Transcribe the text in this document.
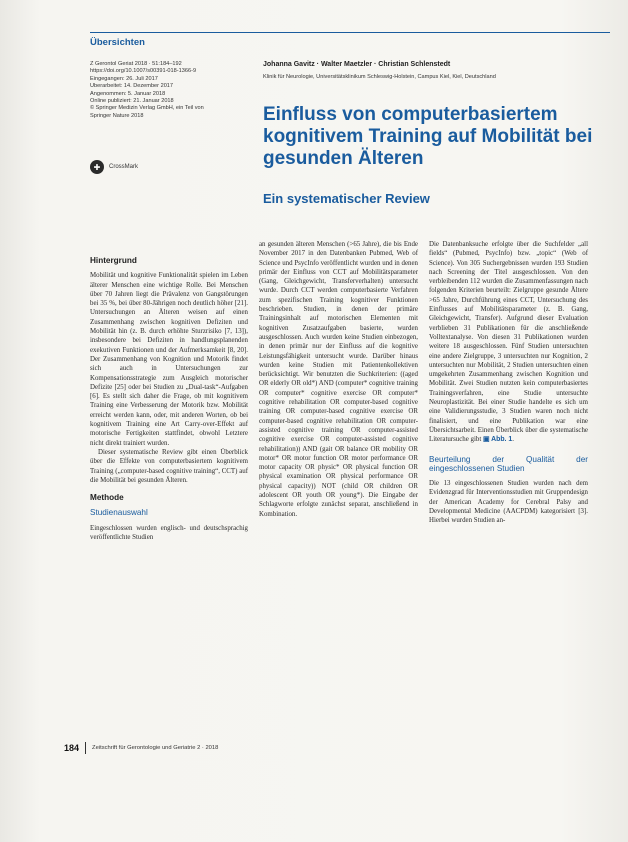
Übersichten
Z Gerontol Geriat 2018 · 51:184–192
https://doi.org/10.1007/s00391-018-1366-9
Eingegangen: 26. Juli 2017
Überarbeitet: 14. Dezember 2017
Angenommen: 5. Januar 2018
Online publiziert: 21. Januar 2018
© Springer Medizin Verlag GmbH, ein Teil von
Springer Nature 2018
✚	CrossMark
Johanna Gavitz · Walter Maetzler · Christian Schlenstedt
Klinik für Neurologie, Universitätsklinikum Schleswig-Holstein, Campus Kiel, Kiel, Deutschland
Einfluss von computerbasiertem kognitivem Training auf Mobilität bei gesunden Älteren
Ein systematischer Review
Hintergrund

Mobilität und kognitive Funktionalität spielen im Leben älterer Menschen eine wichtige Rolle. Bei Menschen über 70 Jahren liegt die Prävalenz von Gangstörungen bei 35 %, bei über 80-Jährigen noch deutlich höher [21]. Untersuchungen an Älteren weisen auf einen Zusammenhang zwischen kognitiven Defiziten und Mobilität hin (z. B. durch erhöhte Sturzrisiko [7, 13]), insbesondere bei Defiziten in handlungsplanenden exekutiven Funktionen und der Aufmerksamkeit [8, 20]. Der Zusammenhang von Kognition und Motorik findet sich auch in Untersuchungen zur Kompensationsstrategie zum Ausgleich motorischer Defizite [25] oder bei Studien zu „Dual-task“-Aufgaben [6]. Es stellt sich daher die Frage, ob mit kognitivem Training eine Verbesserung der Motorik bzw. Mobilität erreicht werden kann, oder, mit anderen Worten, ob bei kognitivem Training eine Art Carry-over-Effekt auf motorische Fertigkeiten stattfindet, obwohl Letztere nicht direkt trainiert wurden.

Dieser systematische Review gibt einen Überblick über die Effekte von computerbasiertem kognitivem Training („computer-based cognitive training“, CCT) auf die Mobilität bei gesunden Älteren.

Methode
Studienauswahl

Eingeschlossen wurden englisch- und deutschsprachig veröffentlichte Studien

an gesunden älteren Menschen (>65 Jahre), die bis Ende November 2017 in den Datenbanken Pubmed, Web of Science und PsycInfo veröffentlicht wurden und in denen primär der Einfluss von CCT auf Mobilitätsparameter (Gang, Gleichgewicht, Transferverhalten) untersucht wurde. Durch CCT werden computerbasierte Verfahren zum spezifischen Training kognitiver Funktionen beschrieben. Studien, in denen der primäre Trainingsinhalt auf motorischen Elementen mit kognitiven Zusatzaufgaben basierte, wurden ausgeschlossen. Auch wurden keine Studien einbezogen, in denen primär nur der Einfluss auf die kognitive Leistungsfähigkeit untersucht wurde. Darüber hinaus wurden keine Studien mit Patientenkollektiven berücksichtigt. Wir benutzten die Suchkriterien: ((aged OR elderly OR old*) AND (computer* cognitive training OR computer* cognitive exercise OR computer* cognitive rehabilitation OR computer-based cognitive training OR computer-based cognitive exercise OR computer-based cognitive rehabilitation OR computer-assisted cognitive training OR computer-assisted cognitive exercise OR computer-assisted cognitive rehabilitation)) AND (gait OR balance OR mobility OR motor* OR motor function OR motor performance OR motor capacity OR physic* OR physical function OR physical examination OR physical performance OR physical capacity)) NOT (child OR children OR adolescent OR youth OR young*). Die Eingabe der Schlagworte erfolgte zunächst separat, anschließend in Kombination.

Die Datenbanksuche erfolgte über die Suchfelder „all fields“ (Pubmed, PsycInfo) bzw. „topic“ (Web of Science). Von 305 Suchergebnissen wurden 193 Studien nach Screening der Titel ausgeschlossen. Von den verbleibenden 112 wurden die Zusammenfassungen nach folgenden Kriterien beurteilt: Zielgruppe gesunde Ältere >65 Jahre, Durchführung eines CCT, Untersuchung des Einflusses auf Mobilitätsparameter (z. B. Gang, Gleichgewicht, Transfer). Aufgrund dieser Evaluation verblieben 31 Publikationen für die anschließende Volltextanalyse. Von diesen 31 Publikationen wurden weitere 18 ausgeschlossen. Fünf Studien untersuchten eine andere Zielgruppe, 3 untersuchten nur Kognition, 2 untersuchten nur Mobilität, 2 Studien untersuchten einen umgekehrten Zusammenhang zwischen Kognition und Mobilität. Zwei Studien nutzten kein computerbasiertes Trainingsverfahren, eine Studie untersuchte Neuroplastizität. Bei einer Studie handelte es sich um eine Validierungsstudie, 3 Studien waren noch nicht finalisiert, und eine Publikation war eine Übersichtsarbeit. Einen Überblick über die systematische Literatursuche gibt ▣ Abb. 1.

Beurteilung der Qualität der eingeschlossenen Studien

Die 13 eingeschlossenen Studien wurden nach dem Evidenzgrad für Interventionsstudien mit Gruppendesign der American Academy for Cerebral Palsy and Developmental Medicine (AACPDM) kategorisiert [3]. Hierbei wurden Studien an-

184 Zeitschrift für Gerontologie und Geriatrie 2 · 2018
